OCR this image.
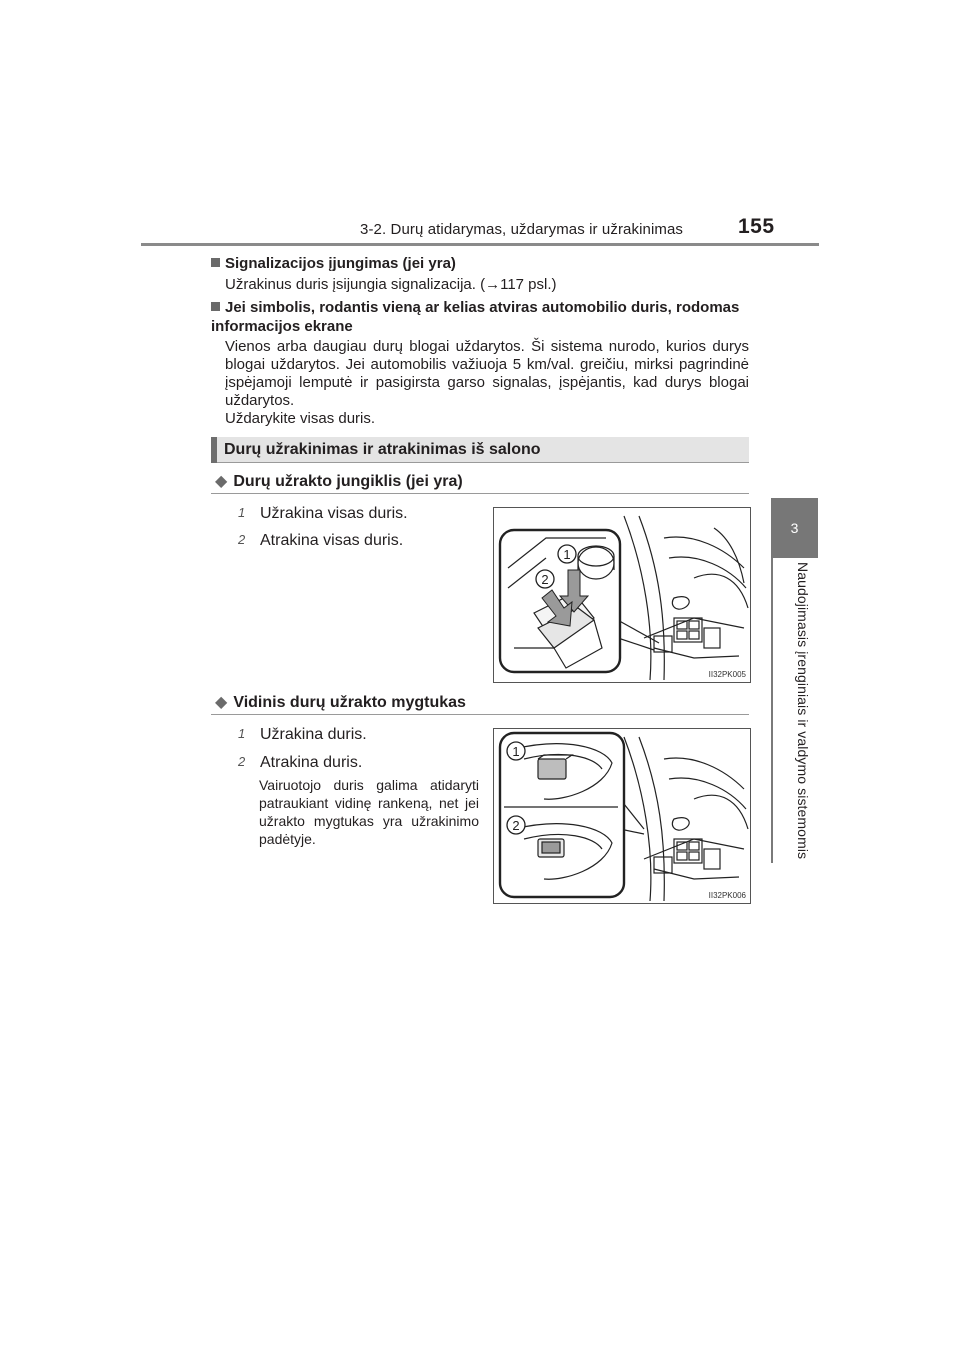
3-2. Durų atidarymas, uždarymas ir užrakinimas	155
3
Naudojimasis įrenginiais ir valdymo sistemomis
Signalizacijos įjungimas (jei yra)
Užrakinus duris įsijungia signalizacija. (→117 psl.)
Jei simbolis, rodantis vieną ar kelias atviras automobilio duris, rodomas informacijos ekrane
Vienos arba daugiau durų blogai uždarytos. Ši sistema nurodo, kurios durys blogai uždarytos. Jei automobilis važiuoja 5 km/val. greičiu, mirksi pagrindinė įspėjamoji lemputė ir pasigirsta garso signalas, įspėjantis, kad durys blogai uždarytos.
Uždarykite visas duris.
Durų užrakinimas ir atrakinimas iš salono
◆ Durų užrakto jungiklis (jei yra)
1 Užrakina visas duris.
2 Atrakina visas duris.
1
2
II32PK005
◆ Vidinis durų užrakto mygtukas
1 Užrakina duris.
2 Atrakina duris.
Vairuotojo duris galima atidaryti patraukiant vidinę rankeną, net jei užrakto mygtukas yra užrakinimo padėtyje.
1
2
II32PK006
